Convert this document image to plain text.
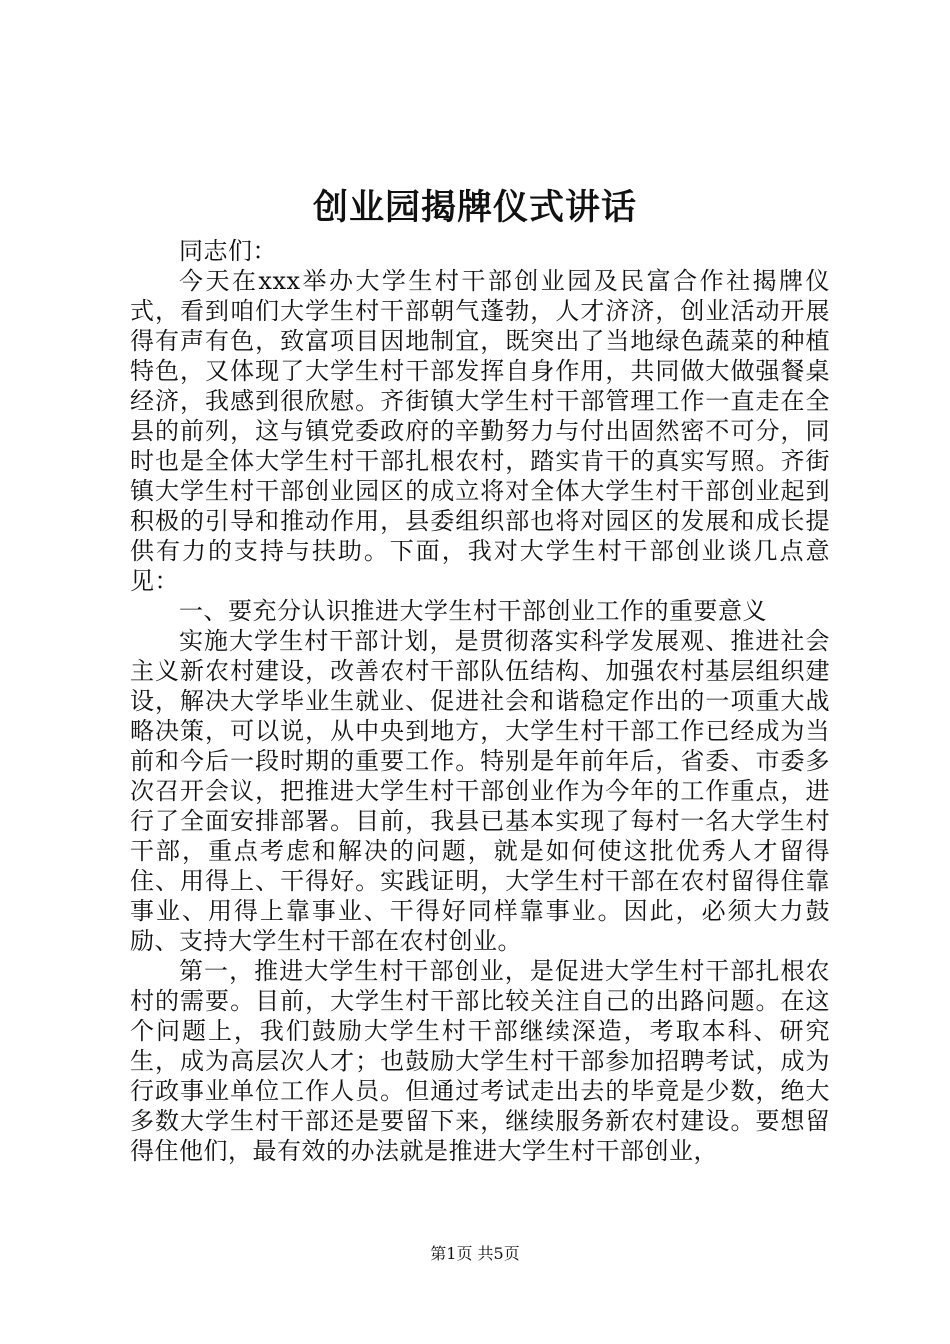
创业园揭牌仪式讲话

同志们：

今天在xxx举办大学生村干部创业园及民富合作社揭牌仪式，看到咱们大学生村干部朝气蓬勃，人才济济，创业活动开展得有声有色，致富项目因地制宜，既突出了当地绿色蔬菜的种植特色，又体现了大学生村干部发挥自身作用，共同做大做强餐桌经济，我感到很欣慰。齐街镇大学生村干部管理工作一直走在全县的前列，这与镇党委政府的辛勤努力与付出固然密不可分，同时也是全体大学生村干部扎根农村，踏实肯干的真实写照。齐街镇大学生村干部创业园区的成立将对全体大学生村干部创业起到积极的引导和推动作用，县委组织部也将对园区的发展和成长提供有力的支持与扶助。下面，我对大学生村干部创业谈几点意见：

一、要充分认识推进大学生村干部创业工作的重要意义

实施大学生村干部计划，是贯彻落实科学发展观、推进社会主义新农村建设，改善农村干部队伍结构、加强农村基层组织建设，解决大学毕业生就业、促进社会和谐稳定作出的一项重大战略决策，可以说，从中央到地方，大学生村干部工作已经成为当前和今后一段时期的重要工作。特别是年前年后，省委、市委多次召开会议，把推进大学生村干部创业作为今年的工作重点，进行了全面安排部署。目前，我县已基本实现了每村一名大学生村干部，重点考虑和解决的问题，就是如何使这批优秀人才留得住、用得上、干得好。实践证明，大学生村干部在农村留得住靠事业、用得上靠事业、干得好同样靠事业。因此，必须大力鼓励、支持大学生村干部在农村创业。

第一，推进大学生村干部创业，是促进大学生村干部扎根农村的需要。目前，大学生村干部比较关注自己的出路问题。在这个问题上，我们鼓励大学生村干部继续深造，考取本科、研究生，成为高层次人才；也鼓励大学生村干部参加招聘考试，成为行政事业单位工作人员。但通过考试走出去的毕竟是少数，绝大多数大学生村干部还是要留下来，继续服务新农村建设。要想留得住他们，最有效的办法就是推进大学生村干部创业，

第1页 共5页
